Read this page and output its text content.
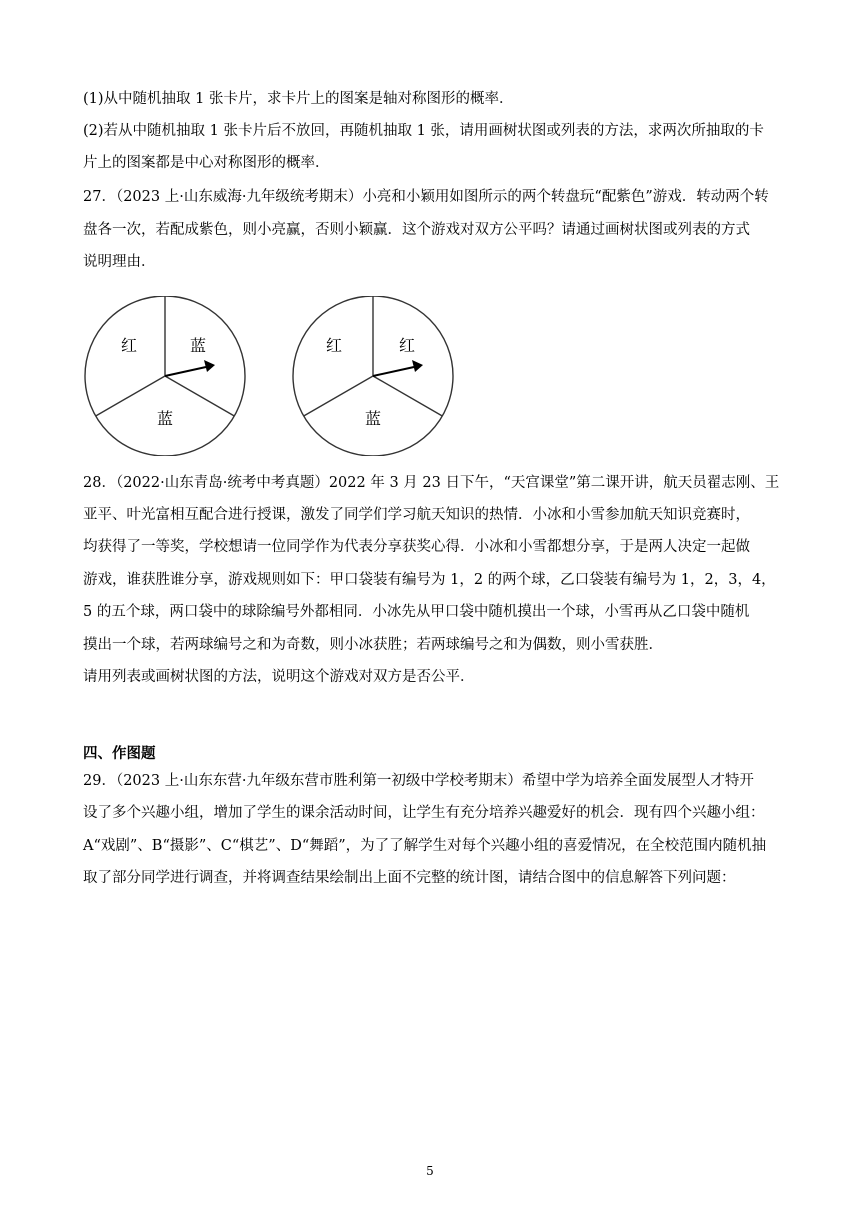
(1)从中随机抽取 1 张卡片，求卡片上的图案是轴对称图形的概率．
(2)若从中随机抽取 1 张卡片后不放回，再随机抽取 1 张，请用画树状图或列表的方法，求两次所抽取的卡
片上的图案都是中心对称图形的概率．
27．（2023 上·山东威海·九年级统考期末）小亮和小颖用如图所示的两个转盘玩“配紫色”游戏．转动两个转
盘各一次，若配成紫色，则小亮赢，否则小颖赢．这个游戏对双方公平吗？请通过画树状图或列表的方式
说明理由．
红	蓝
蓝
红	红
蓝
28．（2022·山东青岛·统考中考真题）2022 年 3 月 23 日下午，“天宫课堂”第二课开讲，航天员翟志刚、王
亚平、叶光富相互配合进行授课，激发了同学们学习航天知识的热情．小冰和小雪参加航天知识竞赛时，
均获得了一等奖，学校想请一位同学作为代表分享获奖心得．小冰和小雪都想分享，于是两人决定一起做
游戏，谁获胜谁分享，游戏规则如下：甲口袋装有编号为 1，2 的两个球，乙口袋装有编号为 1，2，3，4，
5 的五个球，两口袋中的球除编号外都相同．小冰先从甲口袋中随机摸出一个球，小雪再从乙口袋中随机
摸出一个球，若两球编号之和为奇数，则小冰获胜；若两球编号之和为偶数，则小雪获胜．
请用列表或画树状图的方法，说明这个游戏对双方是否公平．
四、作图题
29．（2023 上·山东东营·九年级东营市胜利第一初级中学校考期末）希望中学为培养全面发展型人才特开
设了多个兴趣小组，增加了学生的课余活动时间，让学生有充分培养兴趣爱好的机会．现有四个兴趣小组：
A“戏剧”、B“摄影”、C“棋艺”、D“舞蹈”，为了了解学生对每个兴趣小组的喜爱情况，在全校范围内随机抽
取了部分同学进行调查，并将调查结果绘制出上面不完整的统计图，请结合图中的信息解答下列问题：
5
